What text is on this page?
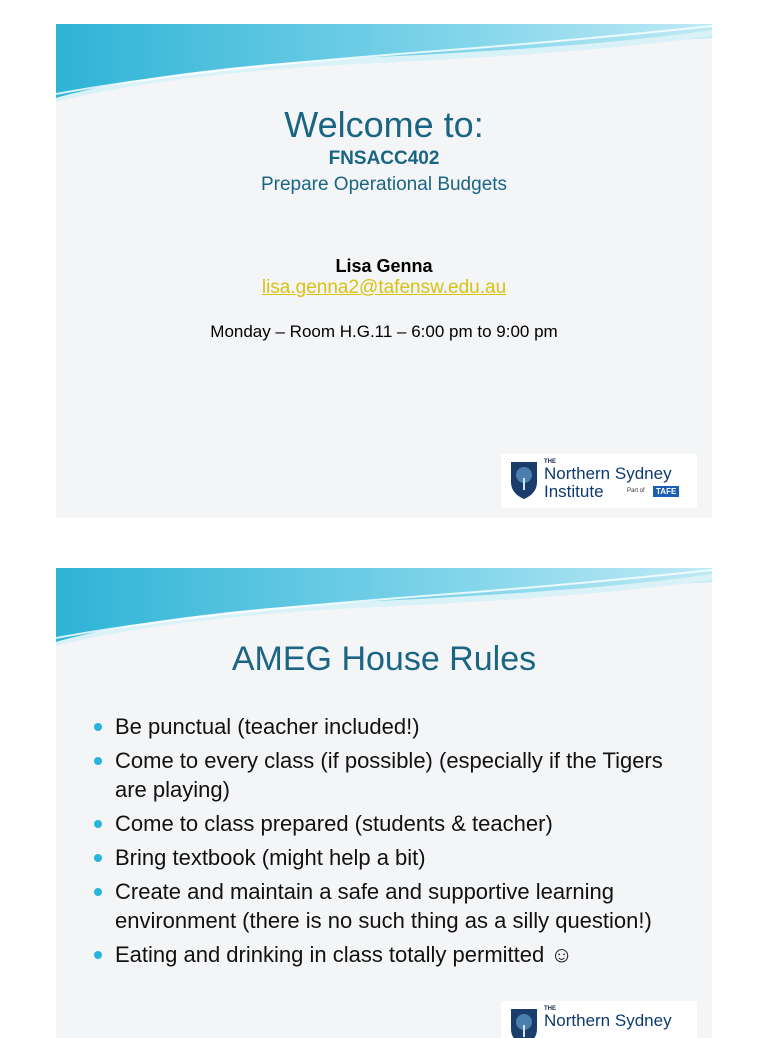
Welcome to:
FNSACC402
Prepare Operational Budgets
Lisa Genna
lisa.genna2@tafensw.edu.au
Monday – Room H.G.11 – 6:00 pm to 9:00 pm
THE
Northern Sydney
Institute	Part of	TAFE
AMEG House Rules
Be punctual (teacher included!)
Come to every class (if possible) (especially if the Tigers are playing)
Come to class prepared (students & teacher)
Bring textbook (might help a bit)
Create and maintain a safe and supportive learning environment (there is no such thing as a silly question!)
Eating and drinking in class totally permitted ☺
THE
Northern Sydney
